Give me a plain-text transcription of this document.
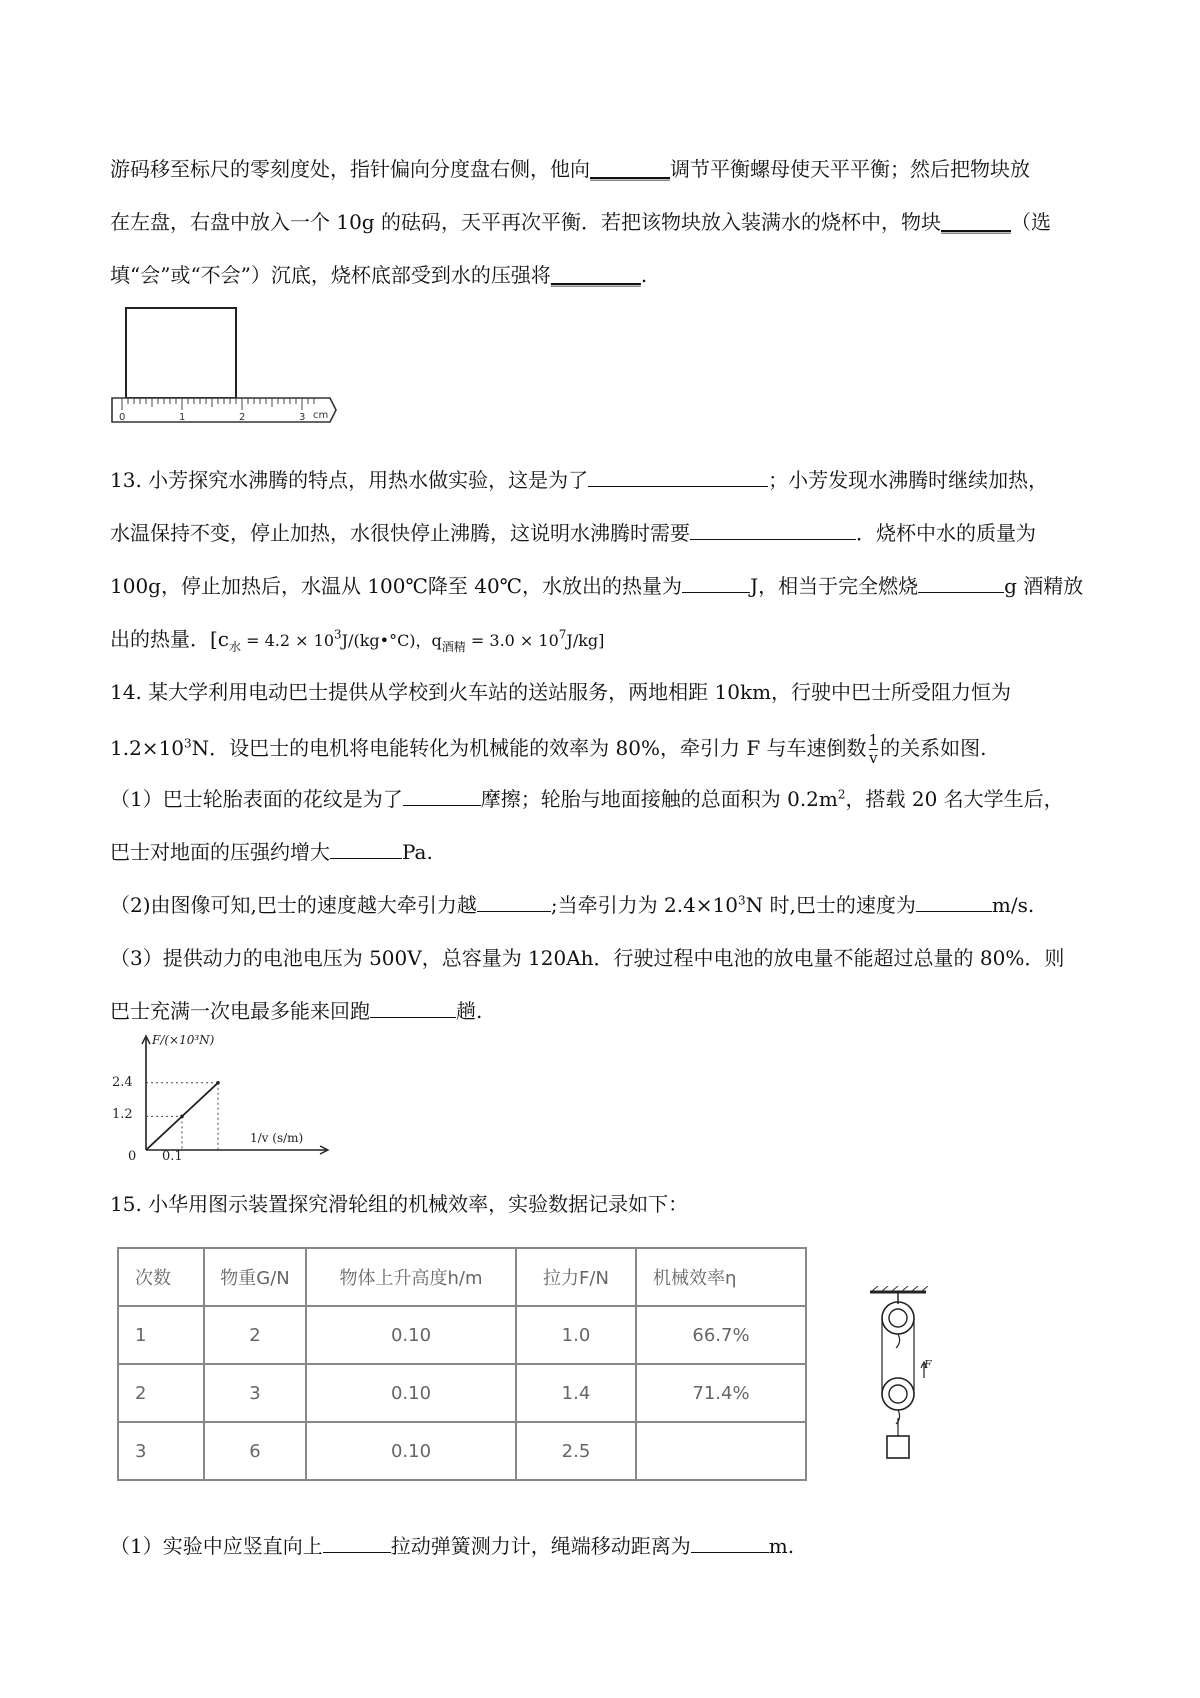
游码移至标尺的零刻度处，指针偏向分度盘右侧，他向________调节平衡螺母使天平平衡；然后把物块放
在左盘，右盘中放入一个 10g 的砝码，天平再次平衡．若把该物块放入装满水的烧杯中，物块_______（选
填“会”或“不会”）沉底，烧杯底部受到水的压强将_________.
0	1	2	3 cm
13. 小芳探究水沸腾的特点，用热水做实验，这是为了	；小芳发现水沸腾时继续加热，
水温保持不变，停止加热，水很快停止沸腾，这说明水沸腾时需要	．烧杯中水的质量为
100g，停止加热后，水温从 100℃降至 40℃，水放出的热量为	J，相当于完全燃烧	g 酒精放
出的热量．[$c_水 = 4.2$ × $10^3J/(kg•^\circ C)$，$q_{酒精} = 3.0 \times 10^7J/kg$]
14. 某大学利用电动巴士提供从学校到火车站的送站服务，两地相距 10km，行驶中巴士所受阻力恒为
$1.2\times 10^3N$．设巴士的电机将电能转化为机械能的效率为 80%，牵引力 F 与车速倒数 $\frac{1}{v}$ 的关系如图.
（1）巴士轮胎表面的花纹是为了	摩擦；轮胎与地面接触的总面积为 $0.2m^2$，搭载 20 名大学生后，
巴士对地面的压强约增大	Pa.
（2)由图像可知,巴士的速度越大牵引力越	;当牵引力为 $2.4\times 10^3N$ 时,巴士的速度为	m/s.
（3）提供动力的电池电压为 500V，总容量为 120Ah．行驶过程中电池的放电量不能超过总量的 80%．则
巴士充满一次电最多能来回跑	趟.
F/(×10³N)
1/v (s/m)
2.4
1.2
0 0.1
15. 小华用图示装置探究滑轮组的机械效率，实验数据记录如下：
次数	物重G/N	物体上升高度h/m	拉力F/N	机械效率η
1	2	0.10	1.0	66.7%
2	3	0.10	1.4	71.4%
3	6	0.10	2.5	
F
（1）实验中应竖直向上	拉动弹簧测力计，绳端移动距离为	m.
